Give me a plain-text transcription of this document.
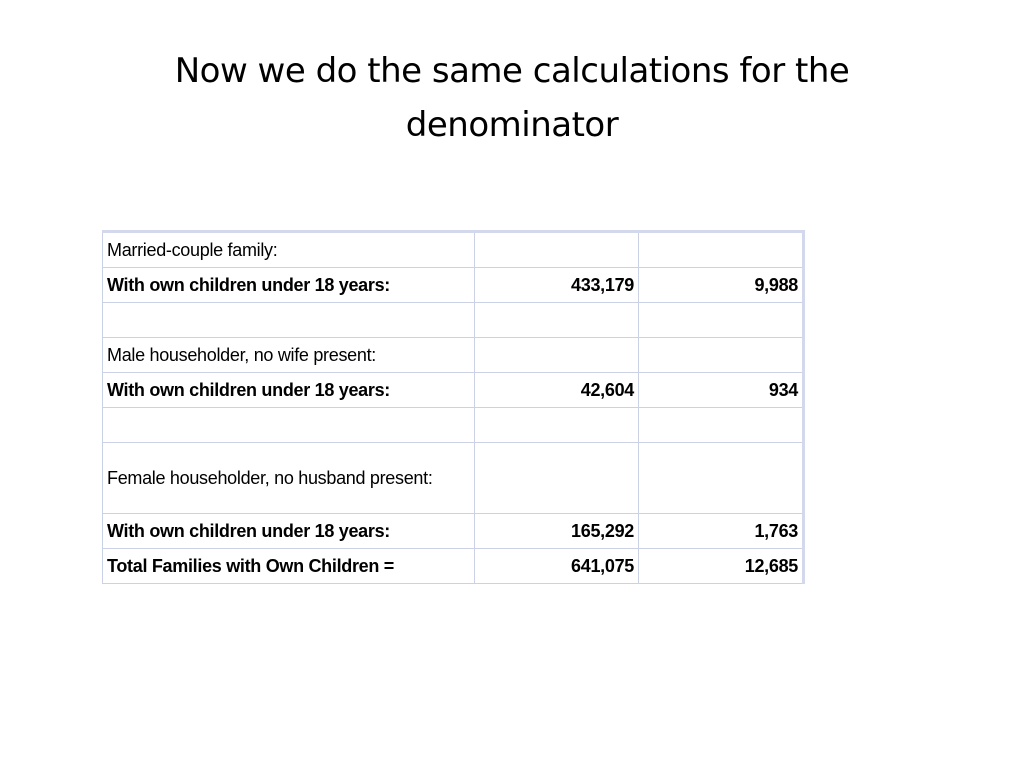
Now we do the same calculations for the denominator
Married-couple family:		
With own children under 18 years:	433,179	9,988

Male householder, no wife present:		
With own children under 18 years:	42,604	934

Female householder, no husband present:		
With own children under 18 years:	165,292	1,763
Total Families with Own Children =	641,075	12,685
